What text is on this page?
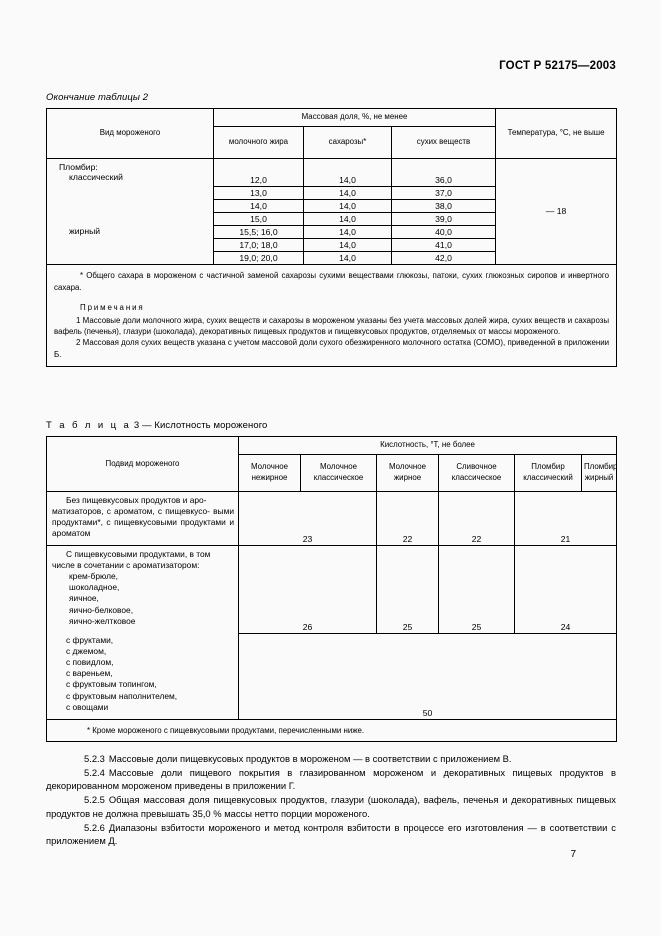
ГОСТ Р 52175—2003
Окончание таблицы 2
Вид мороженого	Массовая доля, %, не менее			Температура, °С, не выше
	молочного жира	сахарозы*	сухих веществ	
Пломбир:
классический	12,0	14,0	36,0	— 18
	13,0	14,0	37,0	
	14,0	14,0	38,0	
	15,0	14,0	39,0	
жирный	15,5; 16,0	14,0	40,0	
	17,0; 18,0	14,0	41,0	
	19,0; 20,0	14,0	42,0	

* Общего сахара в мороженом с частичной заменой сахарозы сухими веществами глюкозы, патоки, сухих глюкозных сиропов и инвертного сахара.
Примечания
1 Массовые доли молочного жира, сухих веществ и сахарозы в мороженом указаны без учета массовых долей жира, сухих веществ и сахарозы вафель (печенья), глазури (шоколада), декоративных пищевых продуктов и пищевкусовых продуктов, отделяемых от массы мороженого.
2 Массовая доля сухих веществ указана с учетом массовой доли сухого обезжиренного молочного остатка (СОМО), приведенной в приложении Б.				
Т а б л и ц а 3 — Кислотность мороженого
Подвид мороженого	Кислотность, °Т, не более					
	Молочное нежирное	Молочное классическое	Молочное жирное	Сливочное классическое	Пломбир классический	Пломбир жирный

Без пищевкусовых продуктов и аро-
матизаторов, с ароматом, с пищевкусо- выми продуктами*, с пищевкусовыми продуктами и ароматом	23		22	22	21	

С пищевкусовыми продуктами, в том
числе в сочетании с ароматизатором:
крем-брюле,
шоколадное,
яичное,
яично-белковое,
яично-желтковое
	26	25	25	24

с фруктами,
с джемом,
с повидлом,
с вареньем,
с фруктовым топингом,
с фруктовым наполнителем,
с овощами
	50

* Кроме мороженого с пищевкусовыми продуктами, перечисленными ниже.						

5.2.3 Массовые доли пищевкусовых продуктов в мороженом — в соответствии с приложением В.

5.2.4 Массовые доли пищевого покрытия в глазированном мороженом и декоративных пищевых продуктов в декорированном мороженом приведены в приложении Г.

5.2.5 Общая массовая доля пищевкусовых продуктов, глазури (шоколада), вафель, печенья и декоративных пищевых продуктов не должна превышать 35,0 % массы нетто порции мороженого.

5.2.6 Диапазоны взбитости мороженого и метод контроля взбитости в процессе его изготовления — в соответствии с приложением Д.

7
